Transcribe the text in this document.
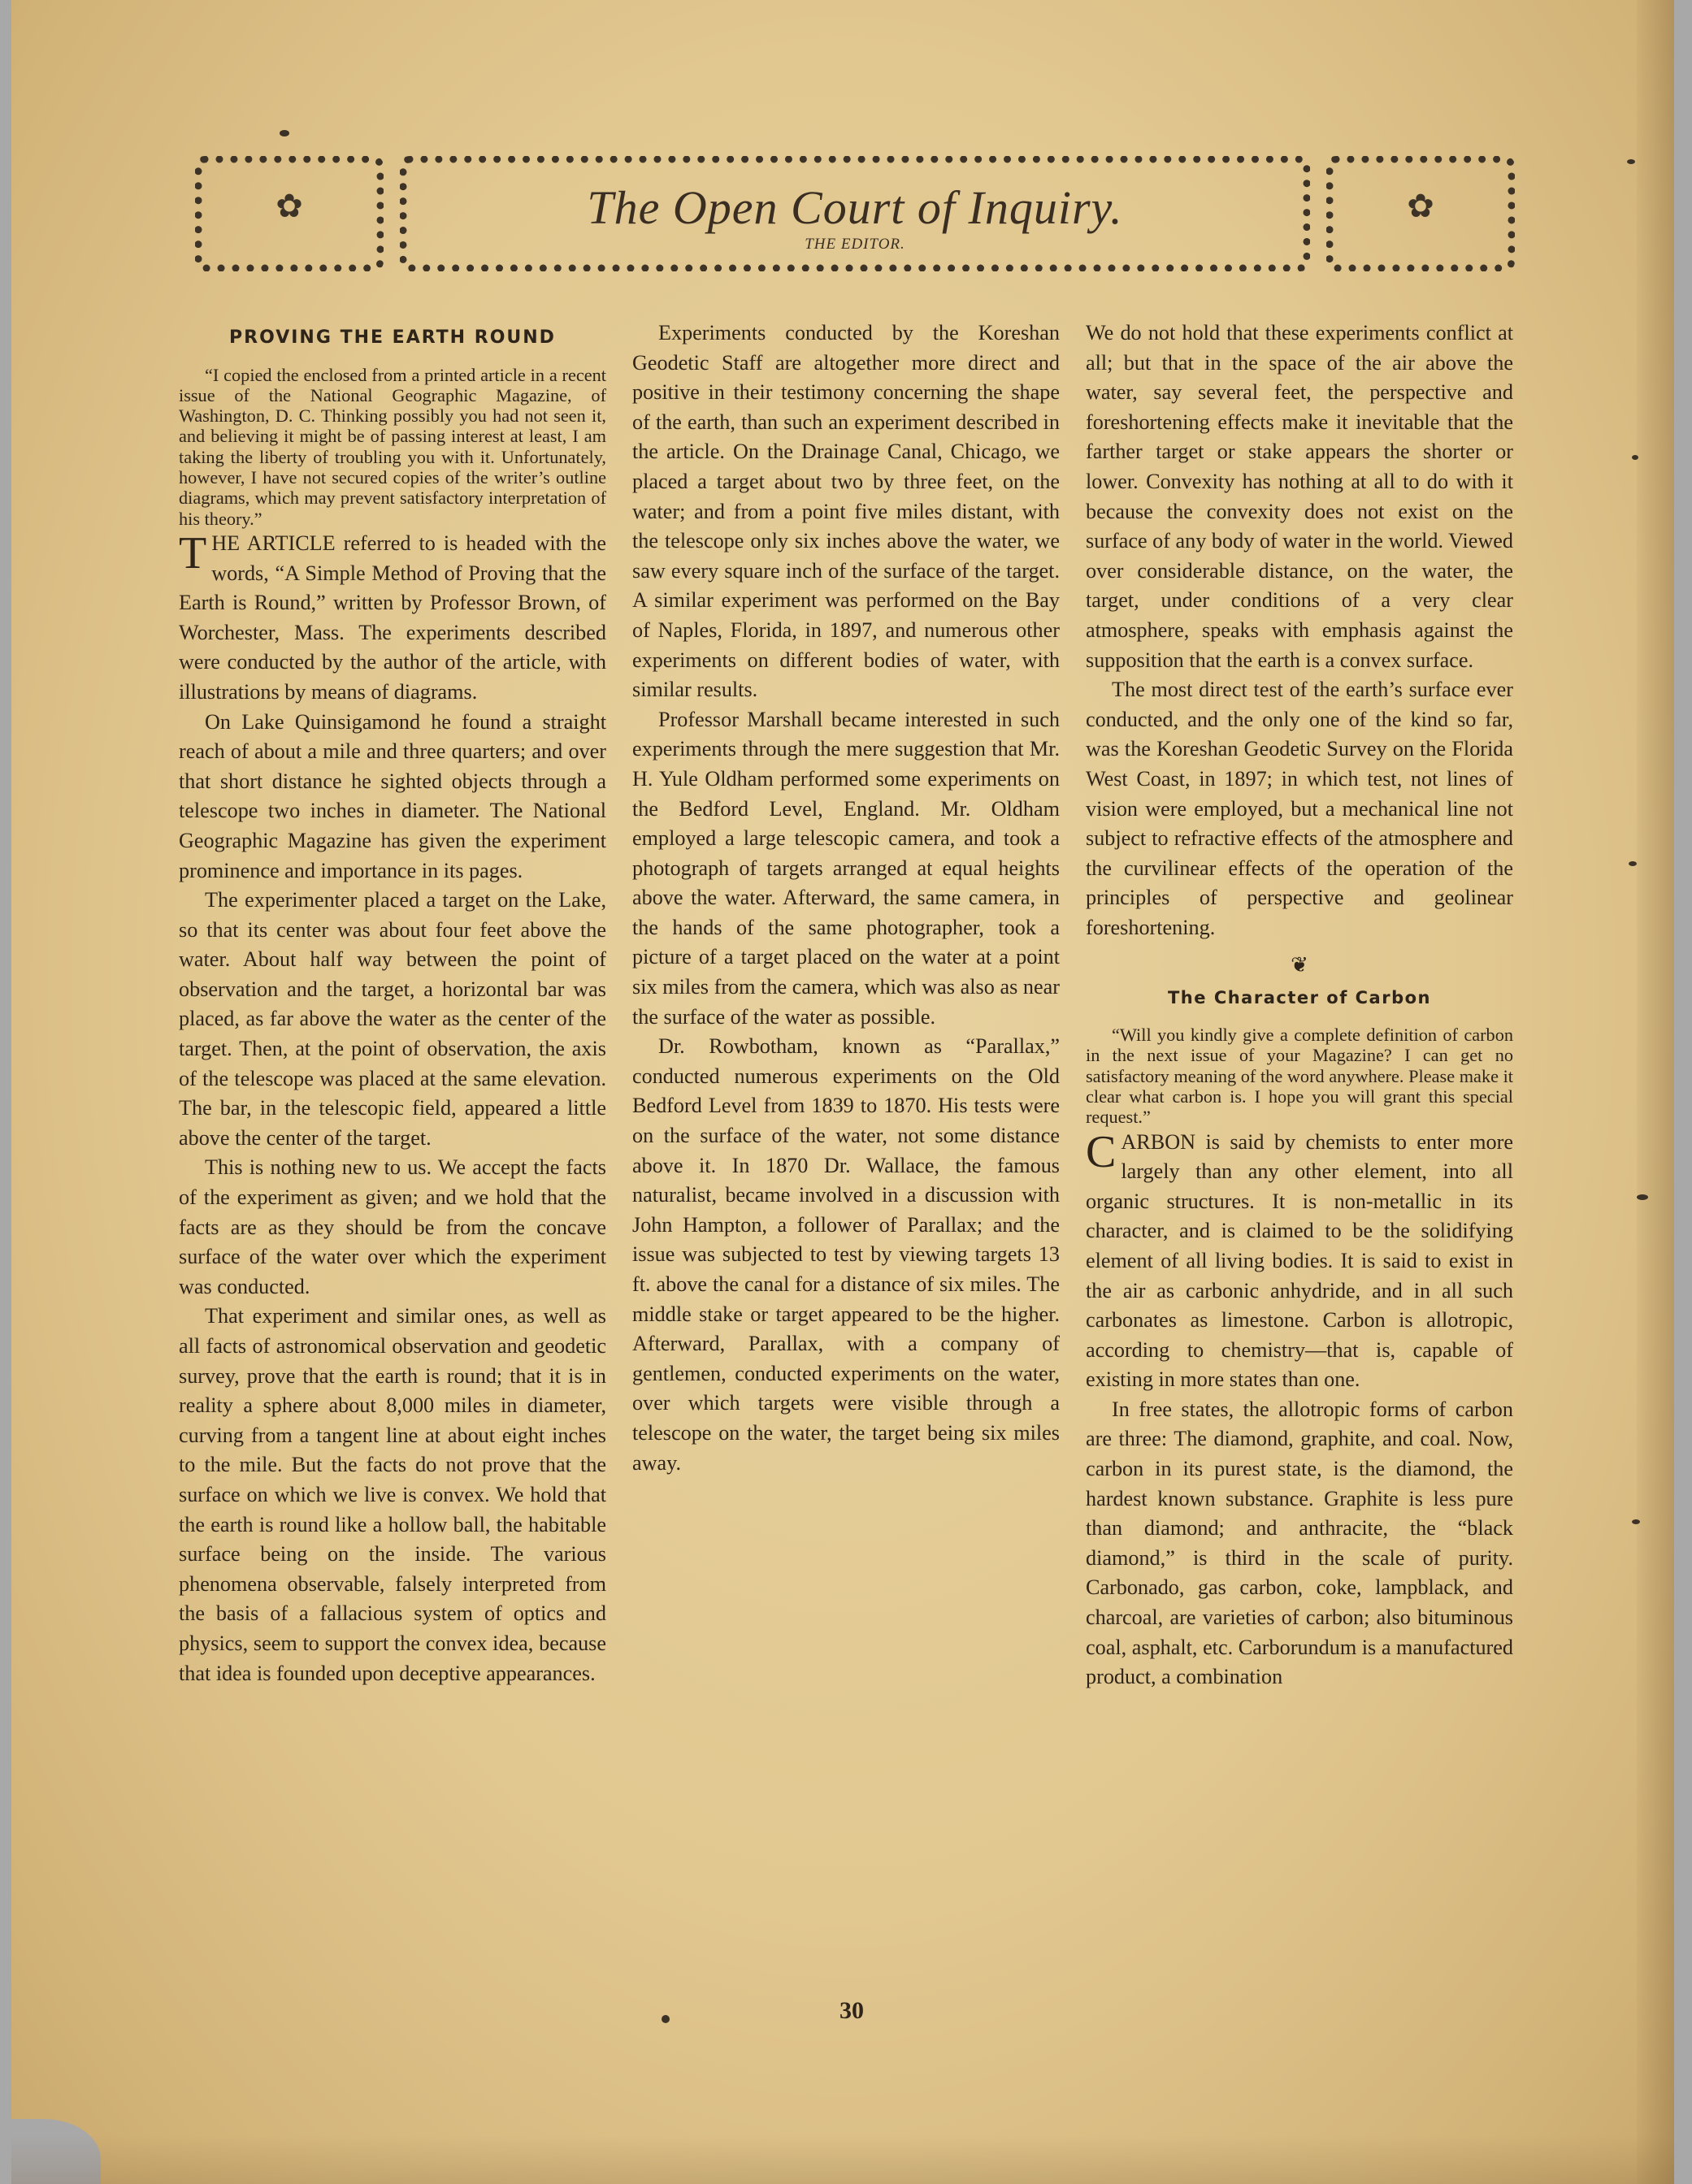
✿	The Open Court of Inquiry.
THE EDITOR.
✿
PROVING THE EARTH ROUND

“I copied the enclosed from a printed article in a recent issue of the National Geographic Magazine, of Washington, D. C. Thinking possibly you had not seen it, and believing it might be of passing interest at least, I am taking the liberty of troubling you with it. Unfortunately, however, I have not secured copies of the writer’s outline diagrams, which may prevent satisfactory interpretation of his theory.”

THE ARTICLE referred to is headed with the words, “A Simple Method of Proving that the Earth is Round,” written by Professor Brown, of Worchester, Mass. The experiments described were conducted by the author of the article, with illustrations by means of diagrams.

On Lake Quinsigamond he found a straight reach of about a mile and three quarters; and over that short distance he sighted objects through a telescope two inches in diameter. The National Geographic Magazine has given the experiment prominence and importance in its pages.

The experimenter placed a target on the Lake, so that its center was about four feet above the water. About half way between the point of observation and the target, a horizontal bar was placed, as far above the water as the center of the target. Then, at the point of observation, the axis of the telescope was placed at the same elevation. The bar, in the telescopic field, appeared a little above the center of the target.

This is nothing new to us. We accept the facts of the experiment as given; and we hold that the facts are as they should be from the concave surface of the water over which the experiment was conducted.

That experiment and similar ones, as well as all facts of astronomical observation and geodetic survey, prove that the earth is round; that it is in reality a sphere about 8,000 miles in diameter, curving from a tangent line at about eight inches to the mile. But the facts do not prove that the surface on which we live is convex. We hold that the earth is round like a hollow ball, the habitable surface being on the inside. The various phenomena observable, falsely interpreted from the basis of a fallacious system of optics and physics, seem to support the convex idea, because that idea is founded upon deceptive appearances.

Experiments conducted by the Koreshan Geodetic Staff are altogether more direct and positive in their testimony concerning the shape of the earth, than such an experiment described in the article. On the Drainage Canal, Chicago, we placed a target about two by three feet, on the water; and from a point five miles distant, with the telescope only six inches above the water, we saw every square inch of the surface of the target. A similar experiment was performed on the Bay of Naples, Florida, in 1897, and numerous other experiments on different bodies of water, with similar results.

Professor Marshall became interested in such experiments through the mere suggestion that Mr. H. Yule Oldham performed some experiments on the Bedford Level, England. Mr. Oldham employed a large telescopic camera, and took a photograph of targets arranged at equal heights above the water. Afterward, the same camera, in the hands of the same photographer, took a picture of a target placed on the water at a point six miles from the camera, which was also as near the surface of the water as possible.

Dr. Rowbotham, known as “Parallax,” conducted numerous experiments on the Old Bedford Level from 1839 to 1870. His tests were on the surface of the water, not some distance above it. In 1870 Dr. Wallace, the famous naturalist, became involved in a discussion with John Hampton, a follower of Parallax; and the issue was subjected to test by viewing targets 13 ft. above the canal for a distance of six miles. The middle stake or target appeared to be the higher. Afterward, Parallax, with a company of gentlemen, conducted experiments on the water, over which targets were visible through a telescope on the water, the target being six miles away.

We do not hold that these experiments conflict at all; but that in the space of the air above the water, say several feet, the perspective and foreshortening effects make it inevitable that the farther target or stake appears the shorter or lower. Convexity has nothing at all to do with it because the convexity does not exist on the surface of any body of water in the world. Viewed over considerable distance, on the water, the target, under conditions of a very clear atmosphere, speaks with emphasis against the supposition that the earth is a convex surface.

The most direct test of the earth’s surface ever conducted, and the only one of the kind so far, was the Koreshan Geodetic Survey on the Florida West Coast, in 1897; in which test, not lines of vision were employed, but a mechanical line not subject to refractive effects of the atmosphere and the curvilinear effects of the operation of the principles of perspective and geolinear foreshortening.

❦
The Character of Carbon

“Will you kindly give a complete definition of carbon in the next issue of your Magazine? I can get no satisfactory meaning of the word anywhere. Please make it clear what carbon is. I hope you will grant this special request.”

CARBON is said by chemists to enter more largely than any other element, into all organic structures. It is non-metallic in its character, and is claimed to be the solidifying element of all living bodies. It is said to exist in the air as carbonic anhydride, and in all such carbonates as limestone. Carbon is allotropic, according to chemistry—that is, capable of existing in more states than one.

In free states, the allotropic forms of carbon are three: The diamond, graphite, and coal. Now, carbon in its purest state, is the diamond, the hardest known substance. Graphite is less pure than diamond; and anthracite, the “black diamond,” is third in the scale of purity. Carbonado, gas carbon, coke, lampblack, and charcoal, are varieties of carbon; also bituminous coal, asphalt, etc. Carborundum is a manufactured product, a combination

30
